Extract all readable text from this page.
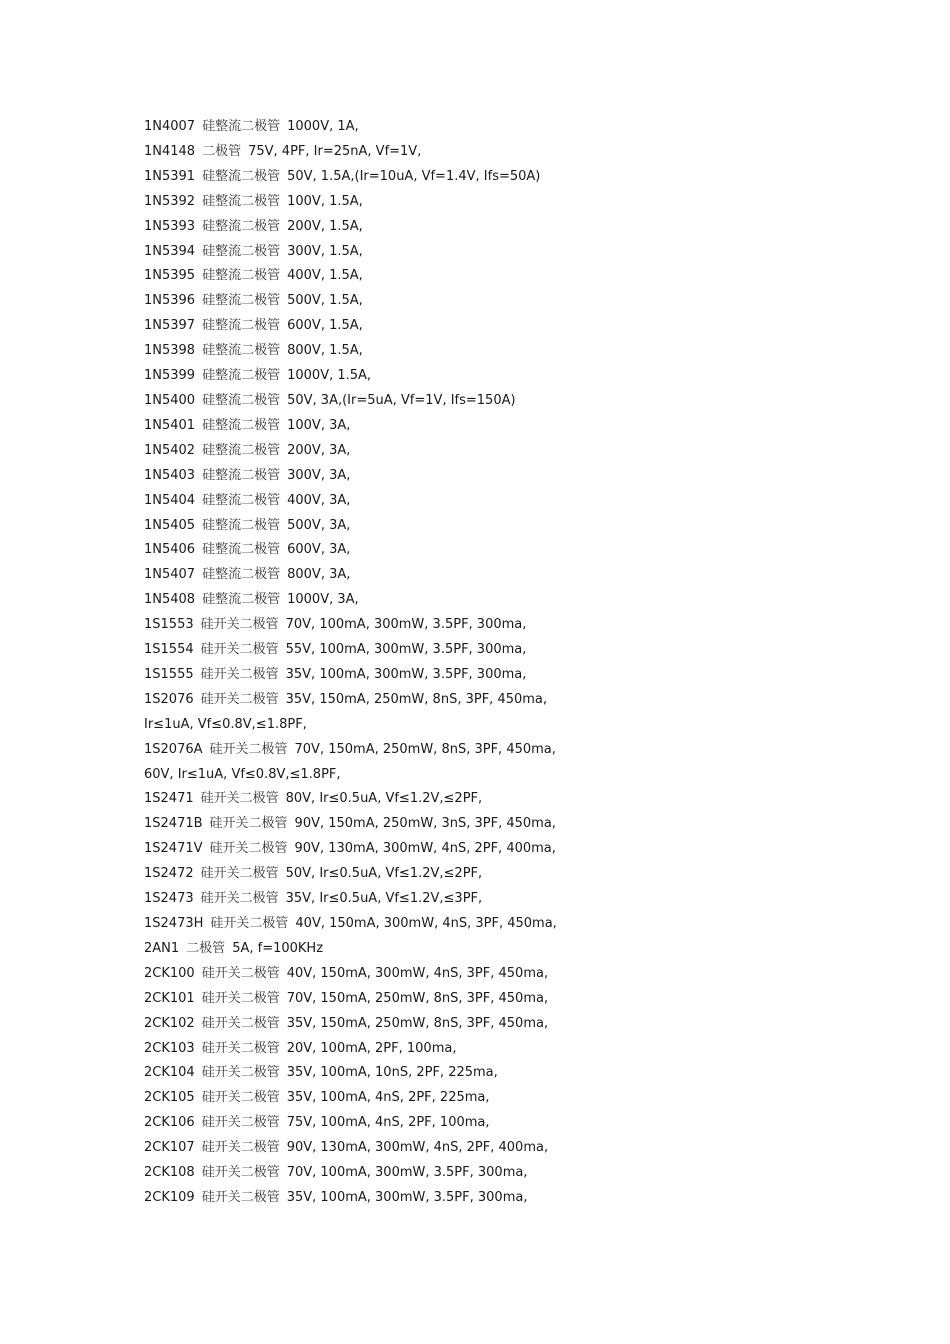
1N4007 硅整流二极管 1000V, 1A,
1N4148 二极管 75V, 4PF, Ir=25nA, Vf=1V,
1N5391 硅整流二极管 50V, 1.5A,(Ir=10uA, Vf=1.4V, Ifs=50A)
1N5392 硅整流二极管 100V, 1.5A,
1N5393 硅整流二极管 200V, 1.5A,
1N5394 硅整流二极管 300V, 1.5A,
1N5395 硅整流二极管 400V, 1.5A,
1N5396 硅整流二极管 500V, 1.5A,
1N5397 硅整流二极管 600V, 1.5A,
1N5398 硅整流二极管 800V, 1.5A,
1N5399 硅整流二极管 1000V, 1.5A,
1N5400 硅整流二极管 50V, 3A,(Ir=5uA, Vf=1V, Ifs=150A)
1N5401 硅整流二极管 100V, 3A,
1N5402 硅整流二极管 200V, 3A,
1N5403 硅整流二极管 300V, 3A,
1N5404 硅整流二极管 400V, 3A,
1N5405 硅整流二极管 500V, 3A,
1N5406 硅整流二极管 600V, 3A,
1N5407 硅整流二极管 800V, 3A,
1N5408 硅整流二极管 1000V, 3A,
1S1553 硅开关二极管 70V, 100mA, 300mW, 3.5PF, 300ma,
1S1554 硅开关二极管 55V, 100mA, 300mW, 3.5PF, 300ma,
1S1555 硅开关二极管 35V, 100mA, 300mW, 3.5PF, 300ma,
1S2076 硅开关二极管 35V, 150mA, 250mW, 8nS, 3PF, 450ma,
Ir≤1uA, Vf≤0.8V,≤1.8PF,
1S2076A 硅开关二极管 70V, 150mA, 250mW, 8nS, 3PF, 450ma,
60V, Ir≤1uA, Vf≤0.8V,≤1.8PF,
1S2471 硅开关二极管 80V, Ir≤0.5uA, Vf≤1.2V,≤2PF,
1S2471B 硅开关二极管 90V, 150mA, 250mW, 3nS, 3PF, 450ma,
1S2471V 硅开关二极管 90V, 130mA, 300mW, 4nS, 2PF, 400ma,
1S2472 硅开关二极管 50V, Ir≤0.5uA, Vf≤1.2V,≤2PF,
1S2473 硅开关二极管 35V, Ir≤0.5uA, Vf≤1.2V,≤3PF,
1S2473H 硅开关二极管 40V, 150mA, 300mW, 4nS, 3PF, 450ma,
2AN1 二极管 5A, f=100KHz
2CK100 硅开关二极管 40V, 150mA, 300mW, 4nS, 3PF, 450ma,
2CK101 硅开关二极管 70V, 150mA, 250mW, 8nS, 3PF, 450ma,
2CK102 硅开关二极管 35V, 150mA, 250mW, 8nS, 3PF, 450ma,
2CK103 硅开关二极管 20V, 100mA, 2PF, 100ma,
2CK104 硅开关二极管 35V, 100mA, 10nS, 2PF, 225ma,
2CK105 硅开关二极管 35V, 100mA, 4nS, 2PF, 225ma,
2CK106 硅开关二极管 75V, 100mA, 4nS, 2PF, 100ma,
2CK107 硅开关二极管 90V, 130mA, 300mW, 4nS, 2PF, 400ma,
2CK108 硅开关二极管 70V, 100mA, 300mW, 3.5PF, 300ma,
2CK109 硅开关二极管 35V, 100mA, 300mW, 3.5PF, 300ma,
